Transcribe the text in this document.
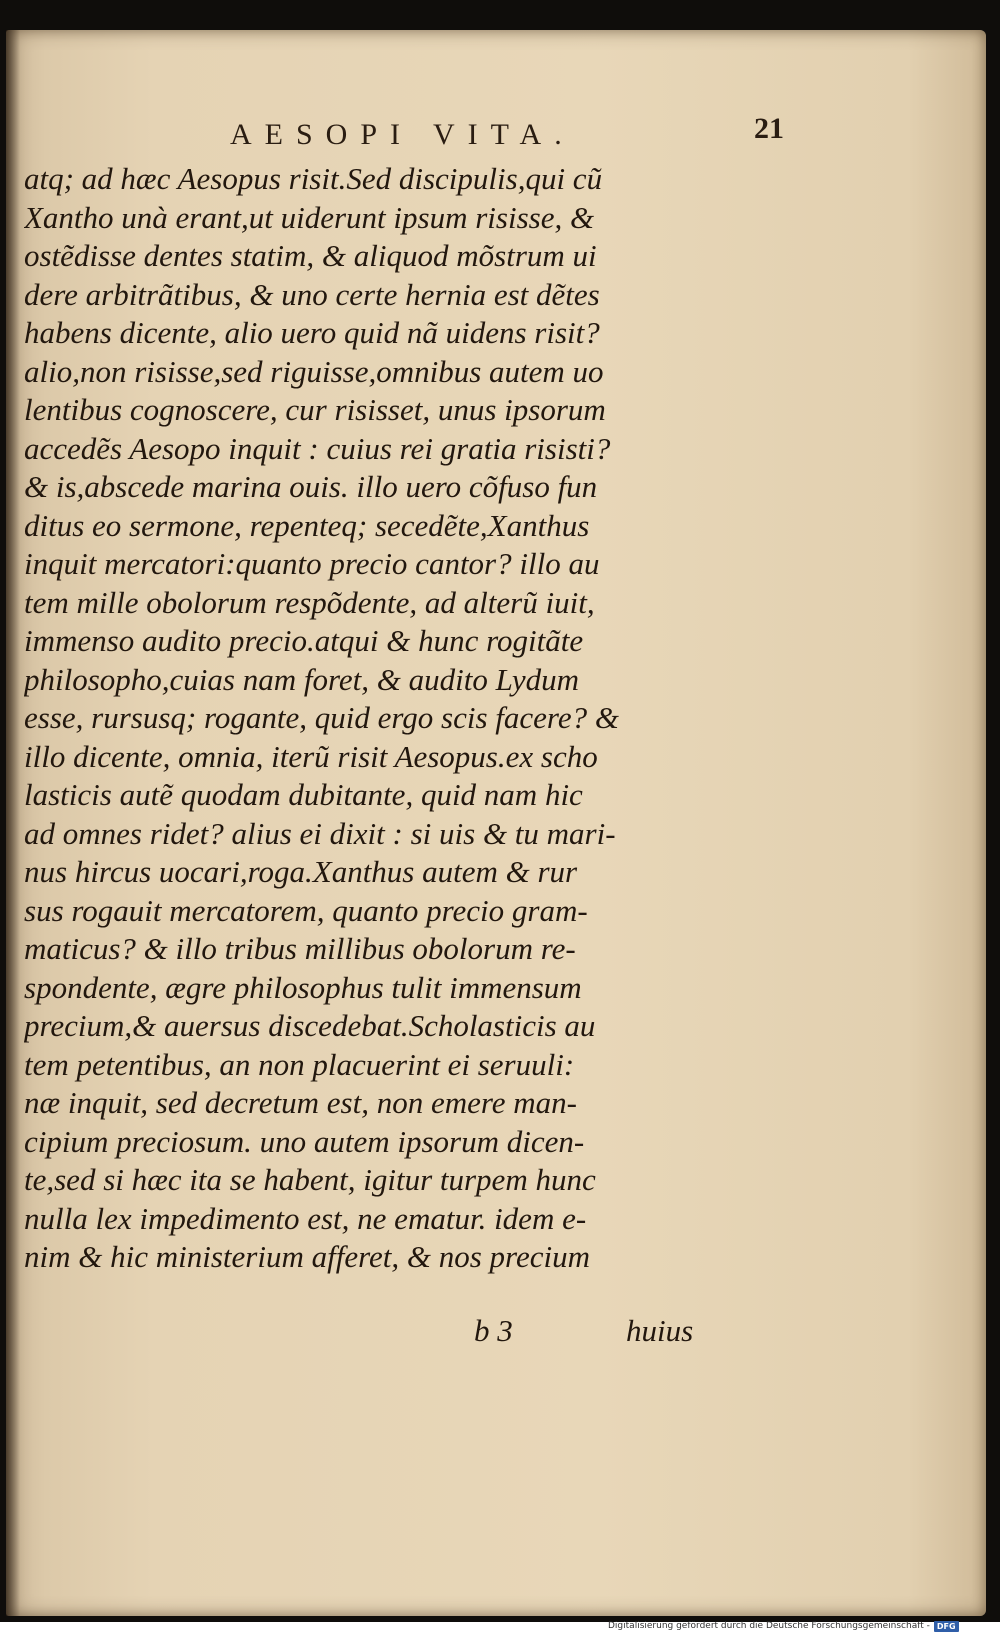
AESOPI VITA.	21
atq; ad hæc Aesopus risit.Sed discipulis,qui cũ
Xantho unà erant,ut uiderunt ipsum risisse, &
ostẽdisse dentes statim, & aliquod mõstrum ui
dere arbitrãtibus, & uno certe hernia est dẽtes
habens dicente, alio uero quid nã uidens risit?
alio,non risisse,sed riguisse,omnibus autem uo
lentibus cognoscere, cur risisset, unus ipsorum
accedẽs Aesopo inquit : cuius rei gratia risisti?
& is,abscede marina ouis. illo uero cõfuso fun
ditus eo sermone, repenteq; secedẽte,Xanthus
inquit mercatori:quanto precio cantor? illo au
tem mille obolorum respõdente, ad alterũ iuit,
immenso audito precio.atqui & hunc rogitãte
philosopho,cuias nam foret, & audito Lydum
esse, rursusq; rogante, quid ergo scis facere? &
illo dicente, omnia, iterũ risit Aesopus.ex scho
lasticis autẽ quodam dubitante, quid nam hic
ad omnes ridet? alius ei dixit : si uis & tu mari-
nus hircus uocari,roga.Xanthus autem & rur
sus rogauit mercatorem, quanto precio gram-
maticus? & illo tribus millibus obolorum re-
spondente, ægre philosophus tulit immensum
precium,& auersus discedebat.Scholasticis au
tem petentibus, an non placuerint ei seruuli:
næ inquit, sed decretum est, non emere man-
cipium preciosum. uno autem ipsorum dicen-
te,sed si hæc ita se habent, igitur turpem hunc
nulla lex impedimento est, ne ematur. idem e-
nim & hic ministerium afferet, & nos precium
b 3	huius
Digitalisierung gefördert durch die Deutsche Forschungsgemeinschaft - DFG
